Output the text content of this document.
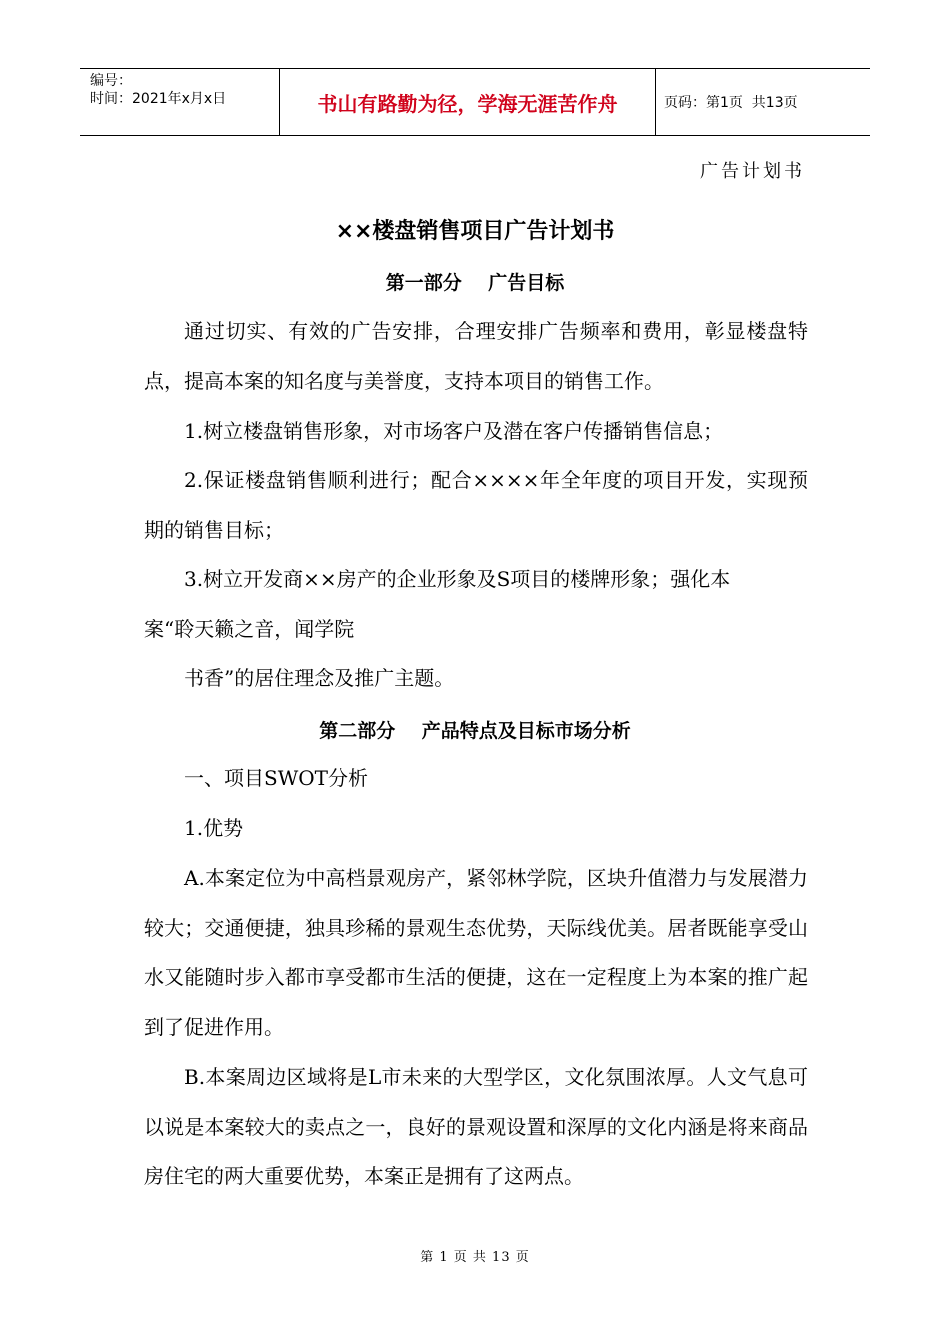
编号：
时间：2021年x月x日	书山有路勤为径，学海无涯苦作舟	页码：第1页  共13页
广告计划书
××楼盘销售项目广告计划书
第一部分    广告目标

通过切实、有效的广告安排，合理安排广告频率和费用，彰显楼盘特点，提高本案的知名度与美誉度，支持本项目的销售工作。

1.树立楼盘销售形象，对市场客户及潜在客户传播销售信息；

2.保证楼盘销售顺利进行；配合××××年全年度的项目开发，实现预期的销售目标；

3.树立开发商××房产的企业形象及S项目的楼牌形象；强化本

案“聆天籁之音，闻学院

书香”的居住理念及推广主题。

第二部分    产品特点及目标市场分析

一、项目SWOT分析

1.优势

A.本案定位为中高档景观房产，紧邻林学院，区块升值潜力与发展潜力较大；交通便捷，独具珍稀的景观生态优势，天际线优美。居者既能享受山水又能随时步入都市享受都市生活的便捷，这在一定程度上为本案的推广起到了促进作用。

B.本案周边区域将是L市未来的大型学区，文化氛围浓厚。人文气息可以说是本案较大的卖点之一，良好的景观设置和深厚的文化内涵是将来商品房住宅的两大重要优势，本案正是拥有了这两点。

第 1 页 共 13 页
